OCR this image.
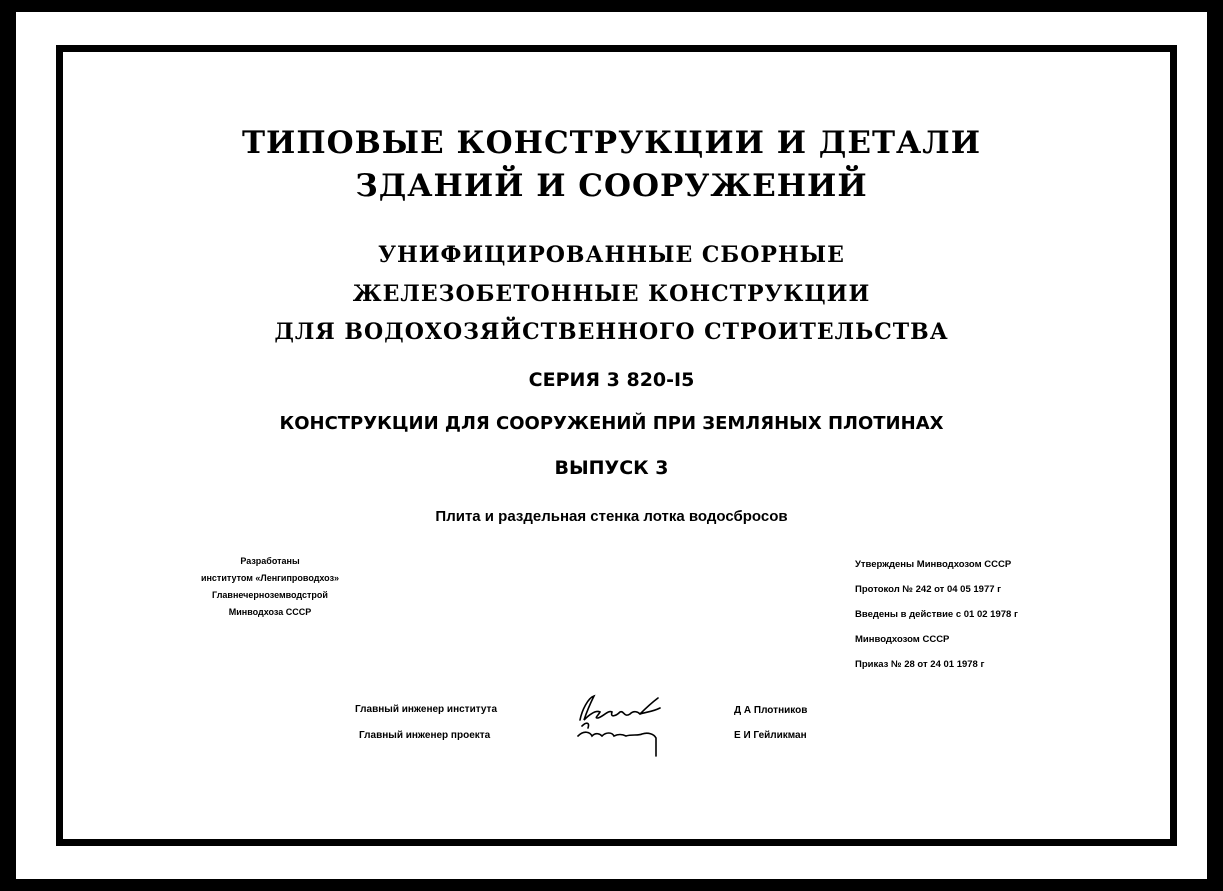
ТИПОВЫЕ КОНСТРУКЦИИ И ДЕТАЛИ
ЗДАНИЙ И СООРУЖЕНИЙ
УНИФИЦИРОВАННЫЕ СБОРНЫЕ
ЖЕЛЕЗОБЕТОННЫЕ КОНСТРУКЦИИ
ДЛЯ ВОДОХОЗЯЙСТВЕННОГО СТРОИТЕЛЬСТВА
СЕРИЯ 3 820-I5
КОНСТРУКЦИИ ДЛЯ СООРУЖЕНИЙ ПРИ ЗЕМЛЯНЫХ ПЛОТИНАХ
ВЫПУСК 3
Плита и раздельная стенка лотка водосбросов
Разработаны
институтом «Ленгипроводхоз»
Главнечерноземводстрой
Минводхоза СССР
Утверждены Минводхозом СССР
Протокол № 242 от 04 05 1977 г
Введены в действие с 01 02 1978 г
Минводхозом СССР
Приказ № 28 от 24 01 1978 г
Главный инженер института
Главный инженер проекта
Д А Плотников
Е И Гейликман
